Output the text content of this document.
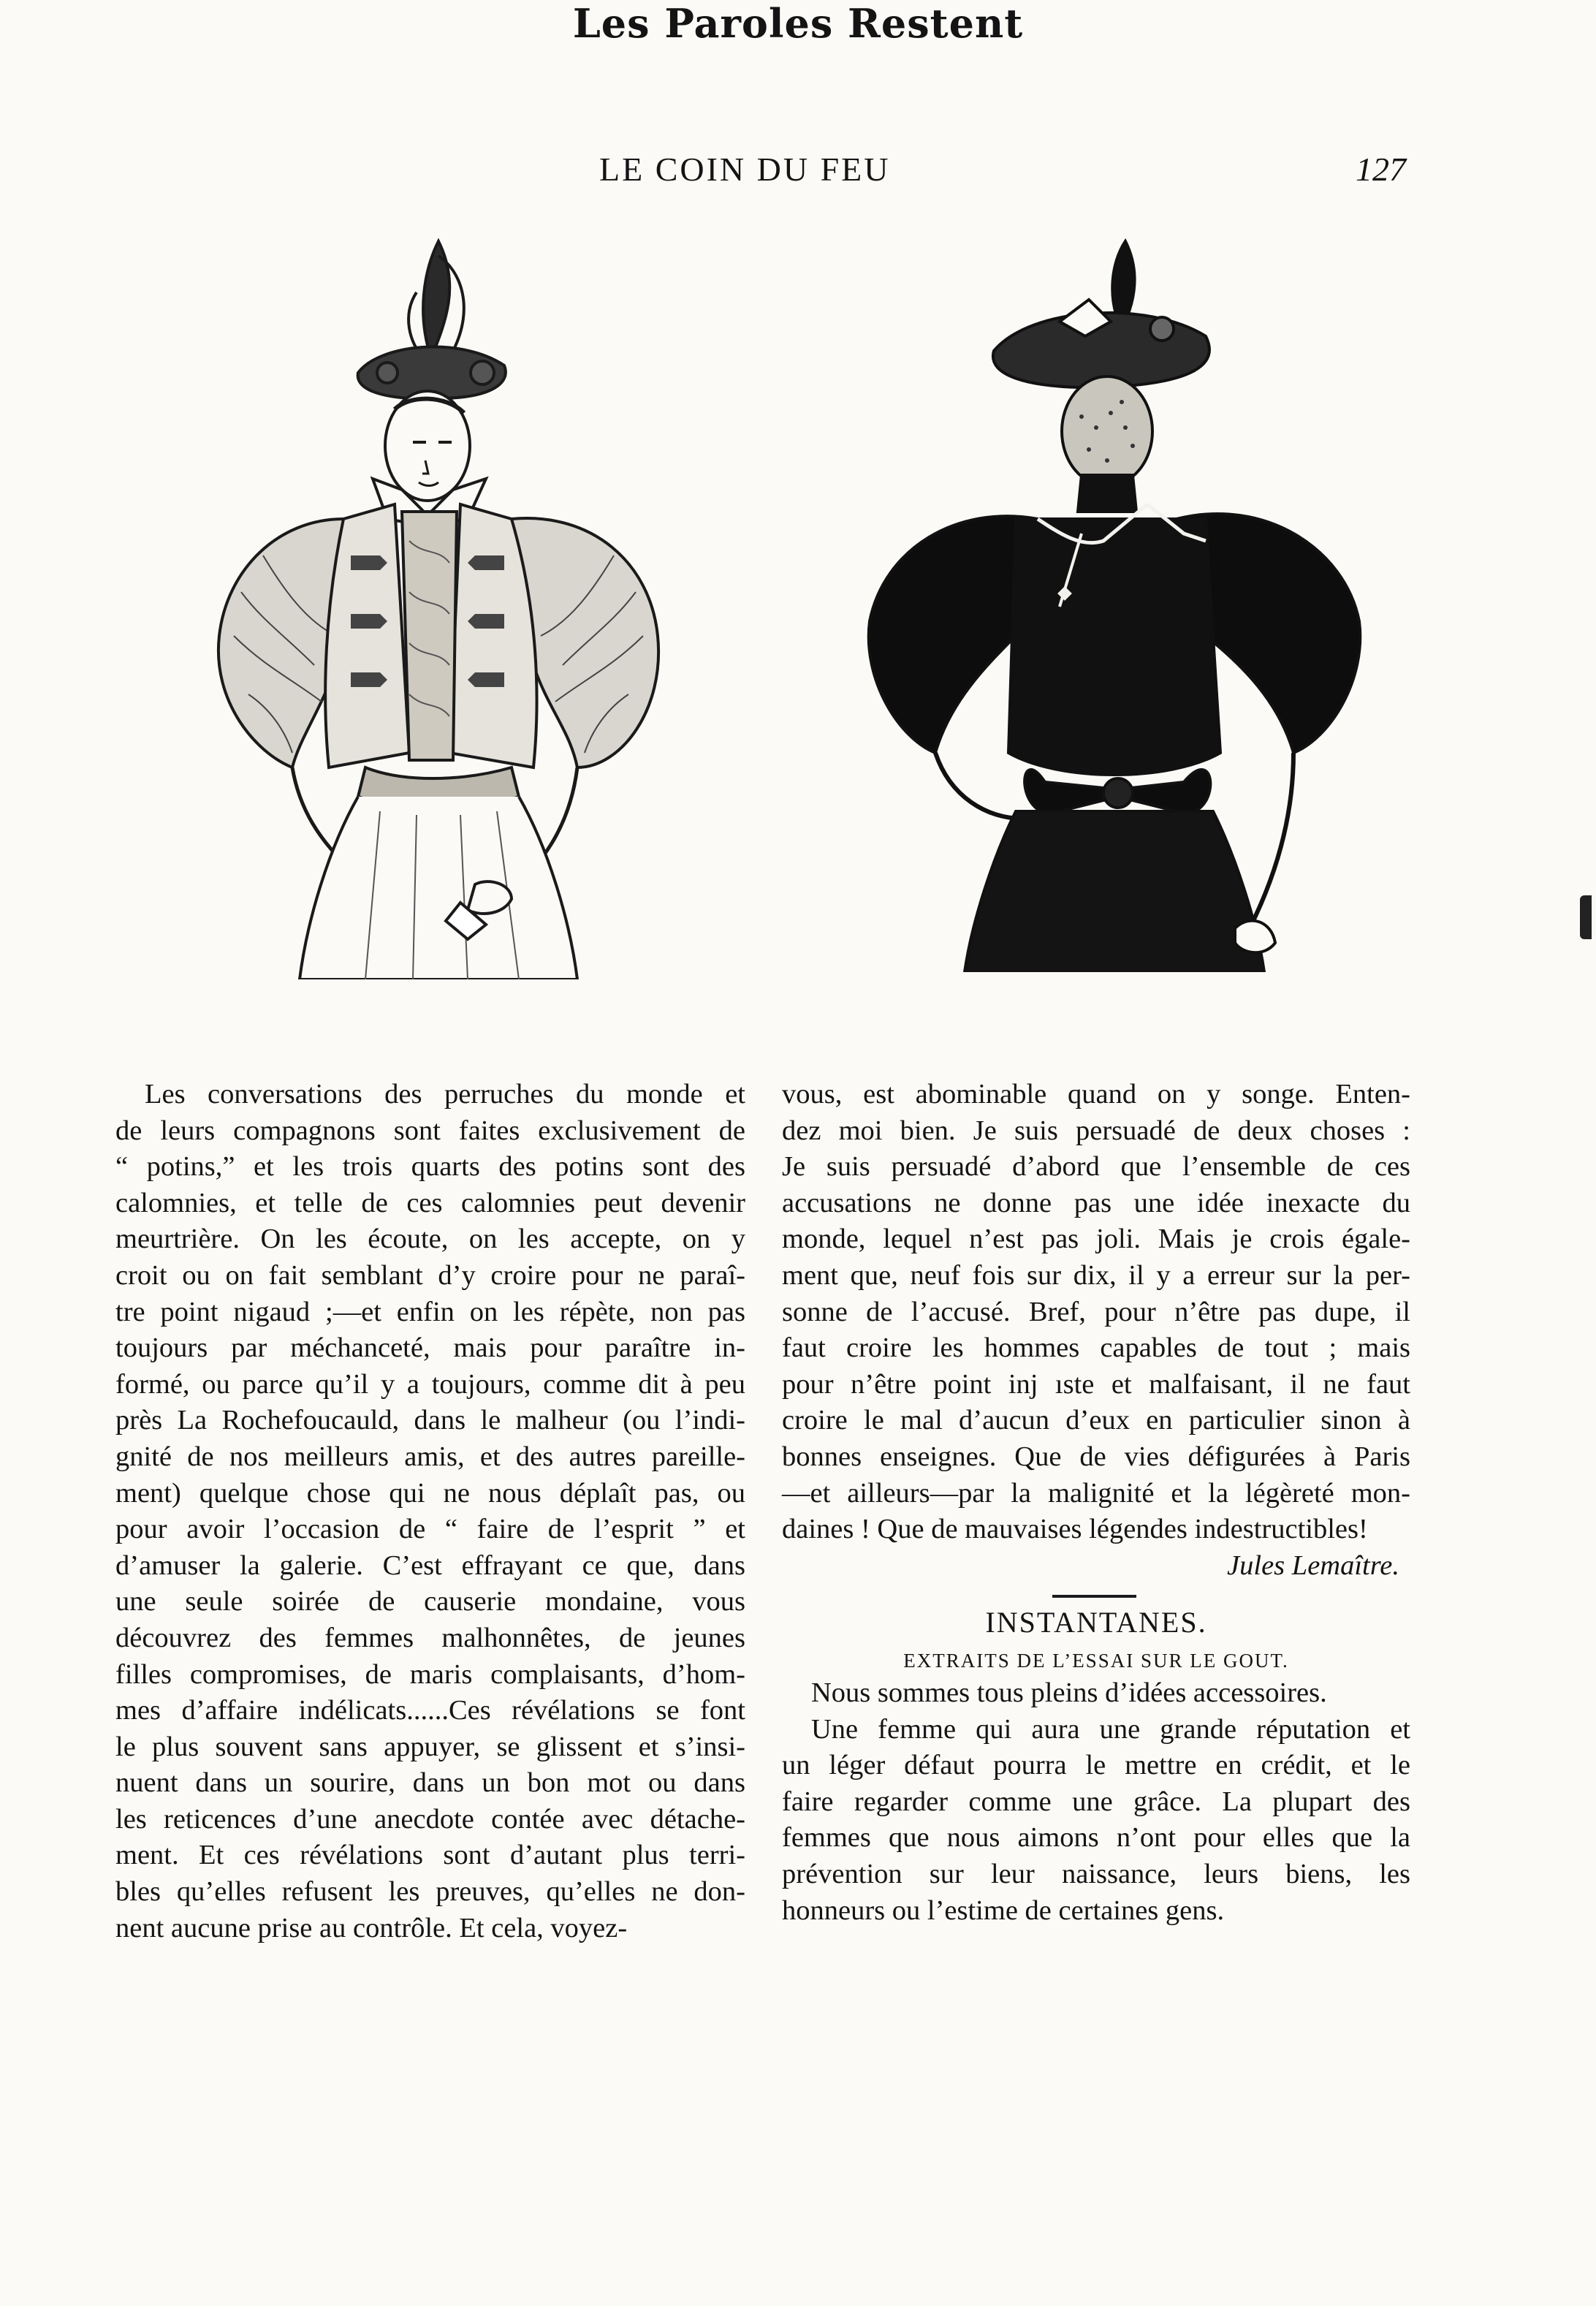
LE COIN DU FEU	127
Les Paroles Restent
Les conversations des perruches du monde et
de leurs compagnons sont faites exclusivement de
“ potins,” et les trois quarts des potins sont des
calomnies, et telle de ces calomnies peut devenir
meurtrière. On les écoute, on les accepte, on y
croit ou on fait semblant d’y croire pour ne paraî-
tre point nigaud ;—et enfin on les répète, non pas
toujours par méchanceté, mais pour paraître in-
formé, ou parce qu’il y a toujours, comme dit à peu
près La Rochefoucauld, dans le malheur (ou l’indi-
gnité de nos meilleurs amis, et des autres pareille-
ment) quelque chose qui ne nous déplaît pas, ou
pour avoir l’occasion de “ faire de l’esprit ” et
d’amuser la galerie. C’est effrayant ce que, dans
une seule soirée de causerie mondaine, vous
découvrez des femmes malhonnêtes, de jeunes
filles compromises, de maris complaisants, d’hom-
mes d’affaire indélicats......Ces révélations se font
le plus souvent sans appuyer, se glissent et s’insi-
nuent dans un sourire, dans un bon mot ou dans
les reticences d’une anecdote contée avec détache-
ment. Et ces révélations sont d’autant plus terri-
bles qu’elles refusent les preuves, qu’elles ne don-
nent aucune prise au contrôle. Et cela, voyez-
vous, est abominable quand on y songe. Enten-
dez moi bien. Je suis persuadé de deux choses :
Je suis persuadé d’abord que l’ensemble de ces
accusations ne donne pas une idée inexacte du
monde, lequel n’est pas joli. Mais je crois égale-
ment que, neuf fois sur dix, il y a erreur sur la per-
sonne de l’accusé. Bref, pour n’être pas dupe, il
faut croire les hommes capables de tout ; mais
pour n’être point inj ıste et malfaisant, il ne faut
croire le mal d’aucun d’eux en particulier sinon à
bonnes enseignes. Que de vies défigurées à Paris
—et ailleurs—par la malignité et la légèreté mon-
daines ! Que de mauvaises légendes indestructibles!
Jules Lemaître.
INSTANTANES.
EXTRAITS DE L’ESSAI SUR LE GOUT.
Nous sommes tous pleins d’idées accessoires.
Une femme qui aura une grande réputation et
un léger défaut pourra le mettre en crédit, et le
faire regarder comme une grâce. La plupart des
femmes que nous aimons n’ont pour elles que la
prévention sur leur naissance, leurs biens, les
honneurs ou l’estime de certaines gens.
